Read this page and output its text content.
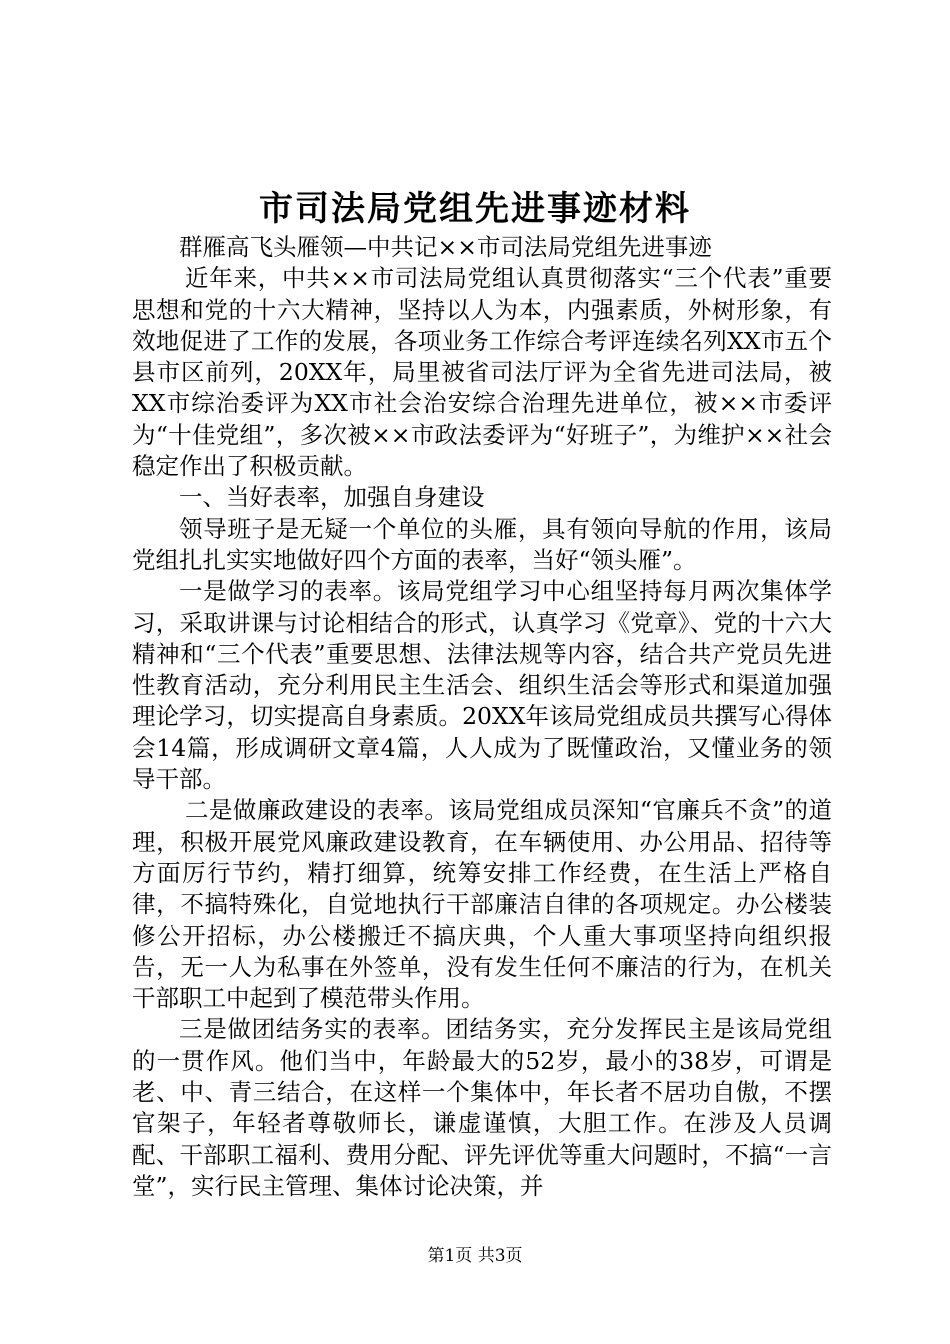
市司法局党组先进事迹材料

群雁高飞头雁领—中共记××市司法局党组先进事迹

近年来，中共××市司法局党组认真贯彻落实“三个代表”重要思想和党的十六大精神，坚持以人为本，内强素质，外树形象，有效地促进了工作的发展，各项业务工作综合考评连续名列XX市五个县市区前列，20XX年，局里被省司法厅评为全省先进司法局，被XX市综治委评为XX市社会治安综合治理先进单位，被××市委评为“十佳党组”，多次被××市政法委评为“好班子”，为维护××社会稳定作出了积极贡献。

一、当好表率，加强自身建设

领导班子是无疑一个单位的头雁，具有领向导航的作用，该局党组扎扎实实地做好四个方面的表率，当好“领头雁”。

一是做学习的表率。该局党组学习中心组坚持每月两次集体学习，采取讲课与讨论相结合的形式，认真学习《党章》、党的十六大精神和“三个代表”重要思想、法律法规等内容，结合共产党员先进性教育活动，充分利用民主生活会、组织生活会等形式和渠道加强理论学习，切实提高自身素质。20XX年该局党组成员共撰写心得体会14篇，形成调研文章4篇，人人成为了既懂政治，又懂业务的领导干部。

二是做廉政建设的表率。该局党组成员深知“官廉兵不贪”的道理，积极开展党风廉政建设教育，在车辆使用、办公用品、招待等方面厉行节约，精打细算，统筹安排工作经费，在生活上严格自律，不搞特殊化，自觉地执行干部廉洁自律的各项规定。办公楼装修公开招标，办公楼搬迁不搞庆典，个人重大事项坚持向组织报告，无一人为私事在外签单，没有发生任何不廉洁的行为，在机关干部职工中起到了模范带头作用。

三是做团结务实的表率。团结务实，充分发挥民主是该局党组的一贯作风。他们当中，年龄最大的52岁，最小的38岁，可谓是老、中、青三结合，在这样一个集体中，年长者不居功自傲，不摆官架子，年轻者尊敬师长，谦虚谨慎，大胆工作。在涉及人员调配、干部职工福利、费用分配、评先评优等重大问题时，不搞“一言堂”，实行民主管理、集体讨论决策，并

第1页 共3页
